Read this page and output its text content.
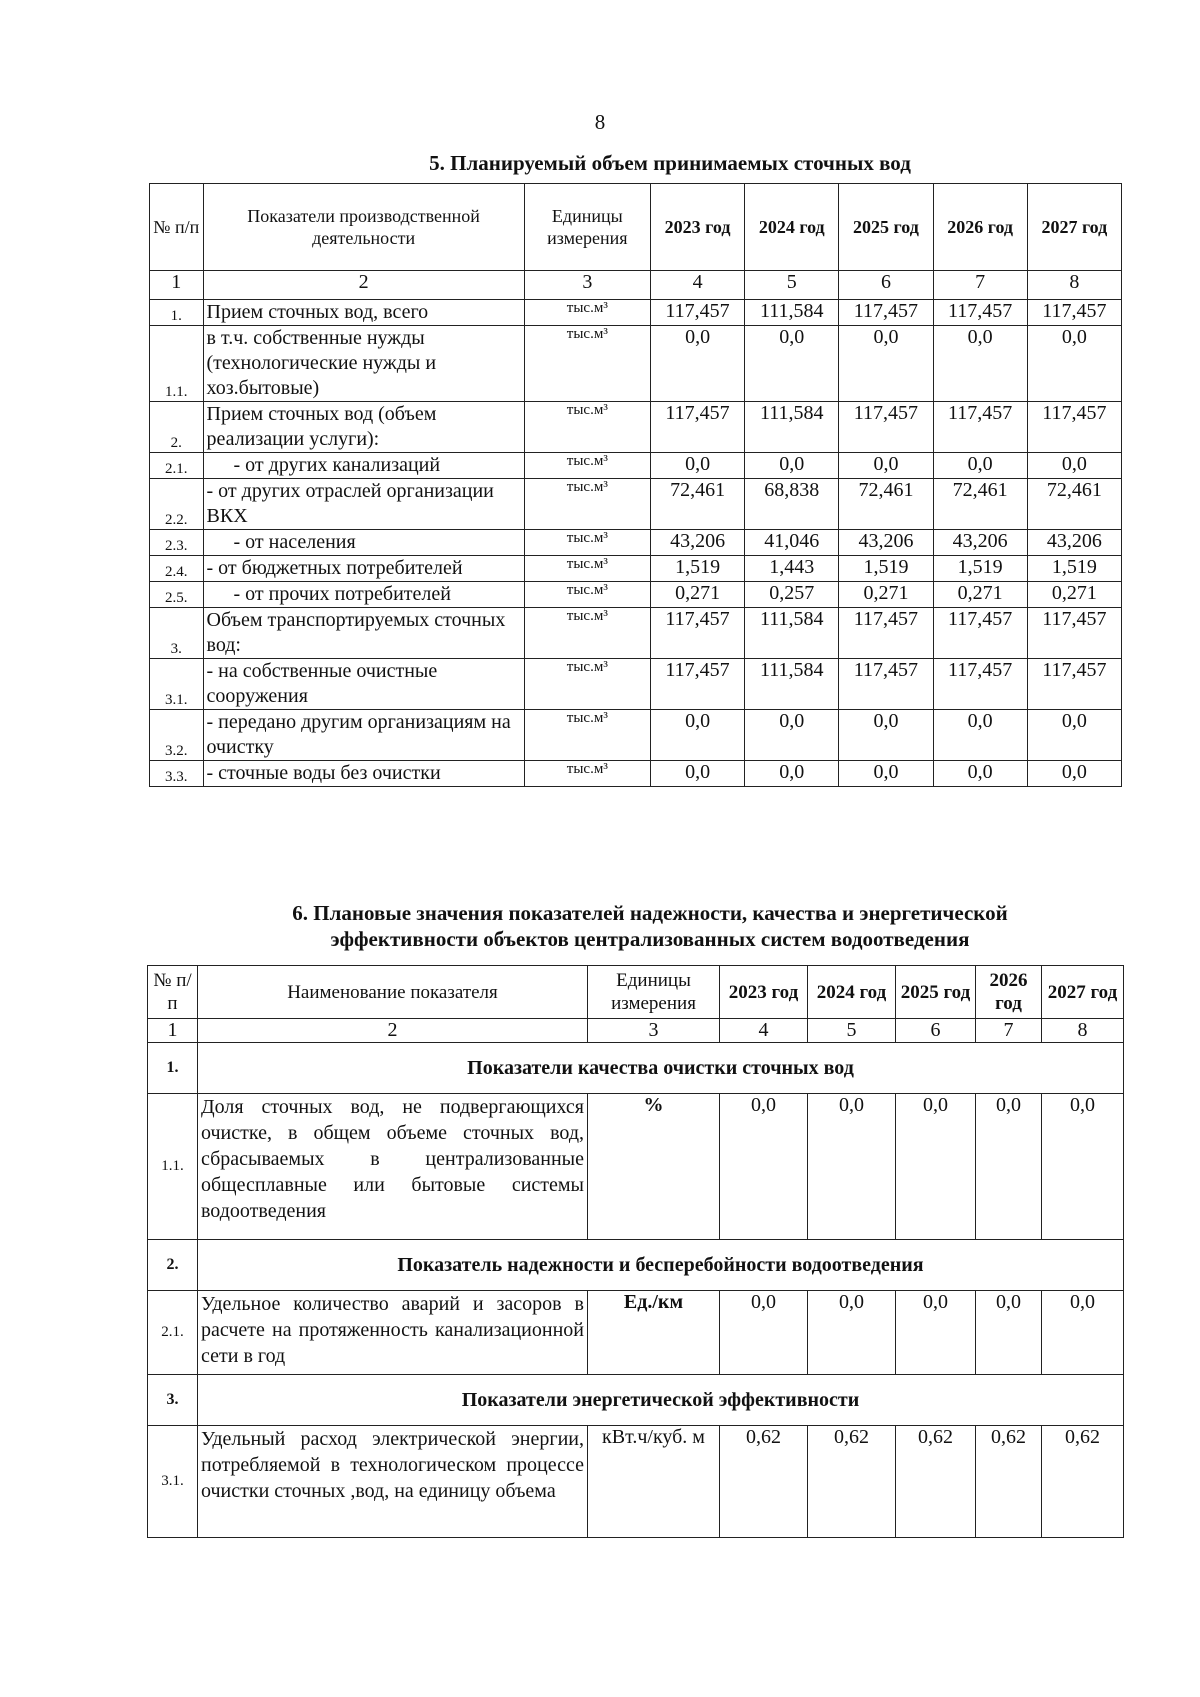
8
5. Планируемый объем принимаемых сточных вод
№ п/п	Показатели производственной деятельности	Единицы измерения	2023 год	2024 год	2025 год	2026 год	2027 год
1	2	3	4	5	6	7	8
1.	Прием сточных вод, всего	тыс.м³	117,457	111,584	117,457	117,457	117,457
1.1.	в т.ч. собственные нужды (технологические нужды и хоз.бытовые)	тыс.м³	0,0	0,0	0,0	0,0	0,0
2.	Прием сточных вод (объем реализации услуги):	тыс.м³	117,457	111,584	117,457	117,457	117,457
2.1.	- от других канализаций	тыс.м³	0,0	0,0	0,0	0,0	0,0
2.2.	- от других отраслей организации ВКХ	тыс.м³	72,461	68,838	72,461	72,461	72,461
2.3.	- от населения	тыс.м³	43,206	41,046	43,206	43,206	43,206
2.4.	- от бюджетных потребителей	тыс.м³	1,519	1,443	1,519	1,519	1,519
2.5.	- от прочих потребителей	тыс.м³	0,271	0,257	0,271	0,271	0,271
3.	Объем транспортируемых сточных вод:	тыс.м³	117,457	111,584	117,457	117,457	117,457
3.1.	- на собственные очистные сооружения	тыс.м³	117,457	111,584	117,457	117,457	117,457
3.2.	- передано другим организациям на очистку	тыс.м³	0,0	0,0	0,0	0,0	0,0
3.3.	- сточные воды без очистки	тыс.м³	0,0	0,0	0,0	0,0	0,0
6. Плановые значения показателей надежности, качества и энергетической
эффективности объектов централизованных систем водоотведения
№ п/п	Наименование показателя	Единицы измерения	2023 год	2024 год	2025 год	2026 год	2027 год
1	2	3	4	5	6	7	8
1.	Показатели качества очистки сточных вод						
1.1.	Доля сточных вод, не подвергающихся очистке, в общем объеме сточных вод, сбрасываемых в централизованные общесплавные или бытовые системы водоотведения	%	0,0	0,0	0,0	0,0	0,0
2.	Показатель надежности и бесперебойности водоотведения						
2.1.	Удельное количество аварий и засоров в расчете на протяженность канализационной сети в год	Ед./км	0,0	0,0	0,0	0,0	0,0
3.	Показатели энергетической эффективности						
3.1.	Удельный расход электрической энергии, потребляемой в технологическом процессе очистки сточных ,вод, на единицу объема	кВт.ч/куб. м	0,62	0,62	0,62	0,62	0,62
